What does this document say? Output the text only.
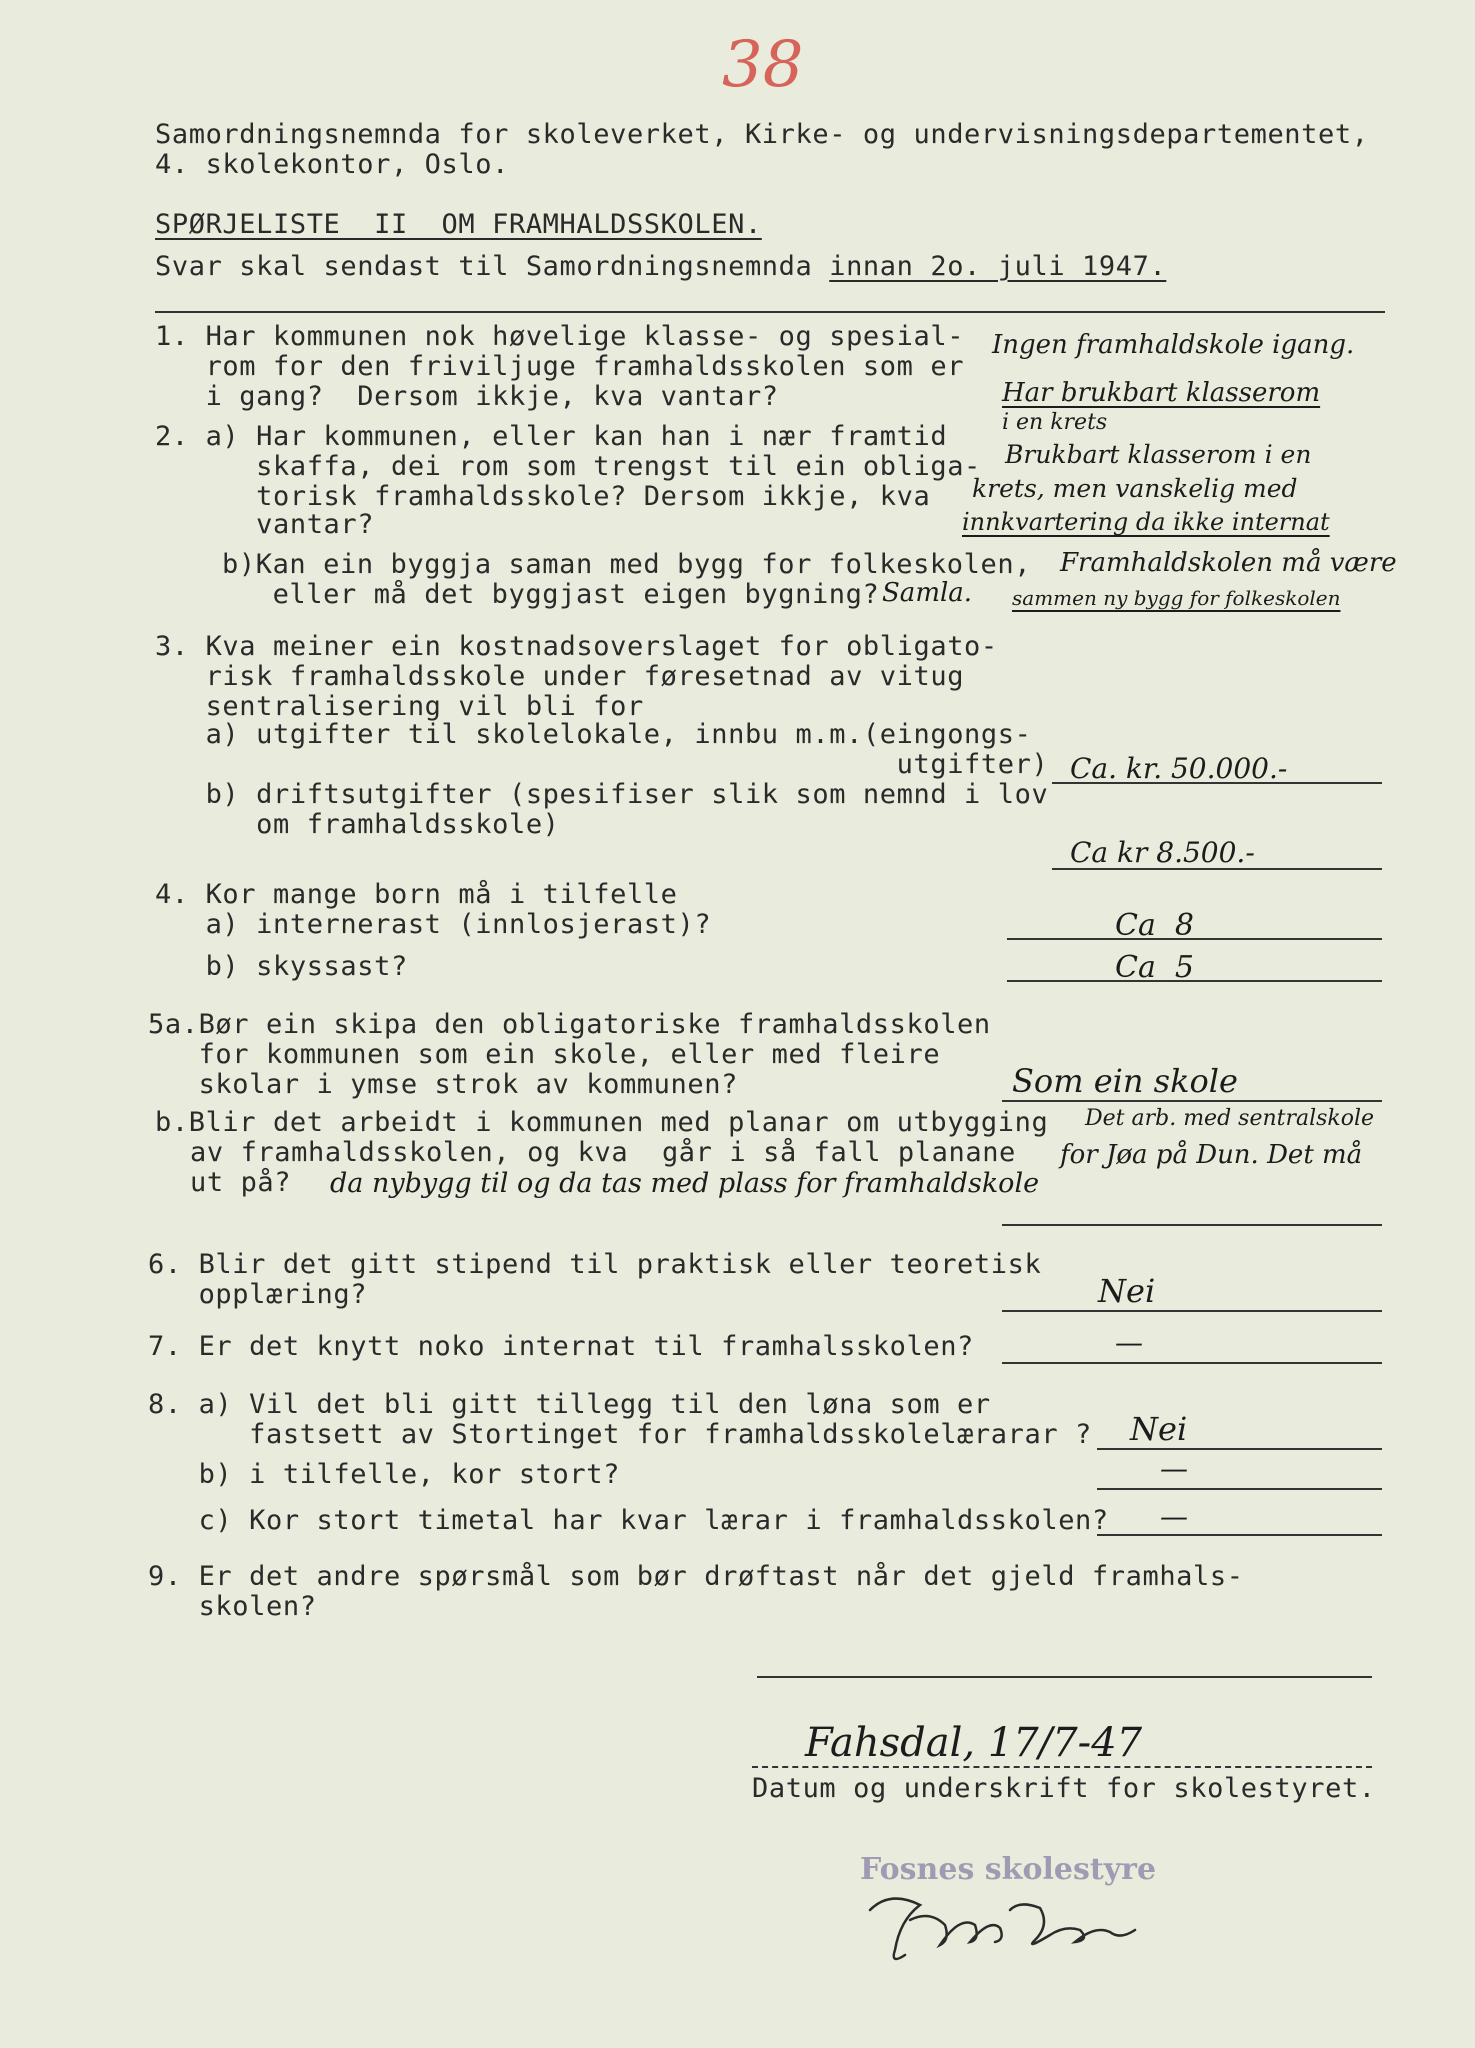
38
Samordningsnemnda for skoleverket, Kirke- og undervisningsdepartementet,
4. skolekontor, Oslo.
SPØRJELISTE  II  OM FRAMHALDSSKOLEN.
Svar skal sendast til Samordningsnemnda innan 2o. juli 1947.
1. Har kommunen nok høvelige klasse- og spesial-
rom for den friviljuge framhaldsskolen som er
i gang?  Dersom ikkje, kva vantar?
Ingen framhaldskole igang.
Har brukbart klasserom
i en krets
2. a) Har kommunen, eller kan han i nær framtid
skaffa, dei rom som trengst til ein obliga-
torisk framhaldsskole? Dersom ikkje, kva
vantar?
Brukbart klasserom i en
krets, men vanskelig med
innkvartering da ikke internat
b)Kan ein byggja saman med bygg for folkeskolen,
eller må det byggjast eigen bygning? Samla.
Framhaldskolen må være
sammen ny bygg for folkeskolen
3. Kva meiner ein kostnadsoverslaget for obligato-
risk framhaldsskole under føresetnad av vitug
sentralisering vil bli for
a) utgifter til skolelokale, innbu m.m.(eingongs-
utgifter) Ca. kr. 50.000.-
b) driftsutgifter (spesifiser slik som nemnd i lov
om framhaldsskole)
Ca kr 8.500.-
4. Kor mange born må i tilfelle
a) internerast (innlosjerast)?	Ca  8
b) skyssast?	Ca  5
5a.Bør ein skipa den obligatoriske framhaldsskolen
for kommunen som ein skole, eller med fleire
skolar i ymse strok av kommunen?	Som ein skole
b.Blir det arbeidt i kommunen med planar om utbygging
av framhaldsskolen, og kva  går i så fall planane
ut på?
Det arb. med sentralskole
for Jøa på Dun. Det må
da nybygg til og da tas med plass for framhaldskole
6. Blir det gitt stipend til praktisk eller teoretisk
opplæring?	Nei
7. Er det knytt noko internat til framhalsskolen?	—
8. a) Vil det bli gitt tillegg til den løna som er
fastsett av Stortinget for framhaldsskolelærarar ? Nei
b) i tilfelle, kor stort?	—
c) Kor stort timetal har kvar lærar i framhaldsskolen? —
9. Er det andre spørsmål som bør drøftast når det gjeld framhals-
skolen?
Fahsdal, 17/7-47
Datum og underskrift for skolestyret.
Fosnes skolestyre
